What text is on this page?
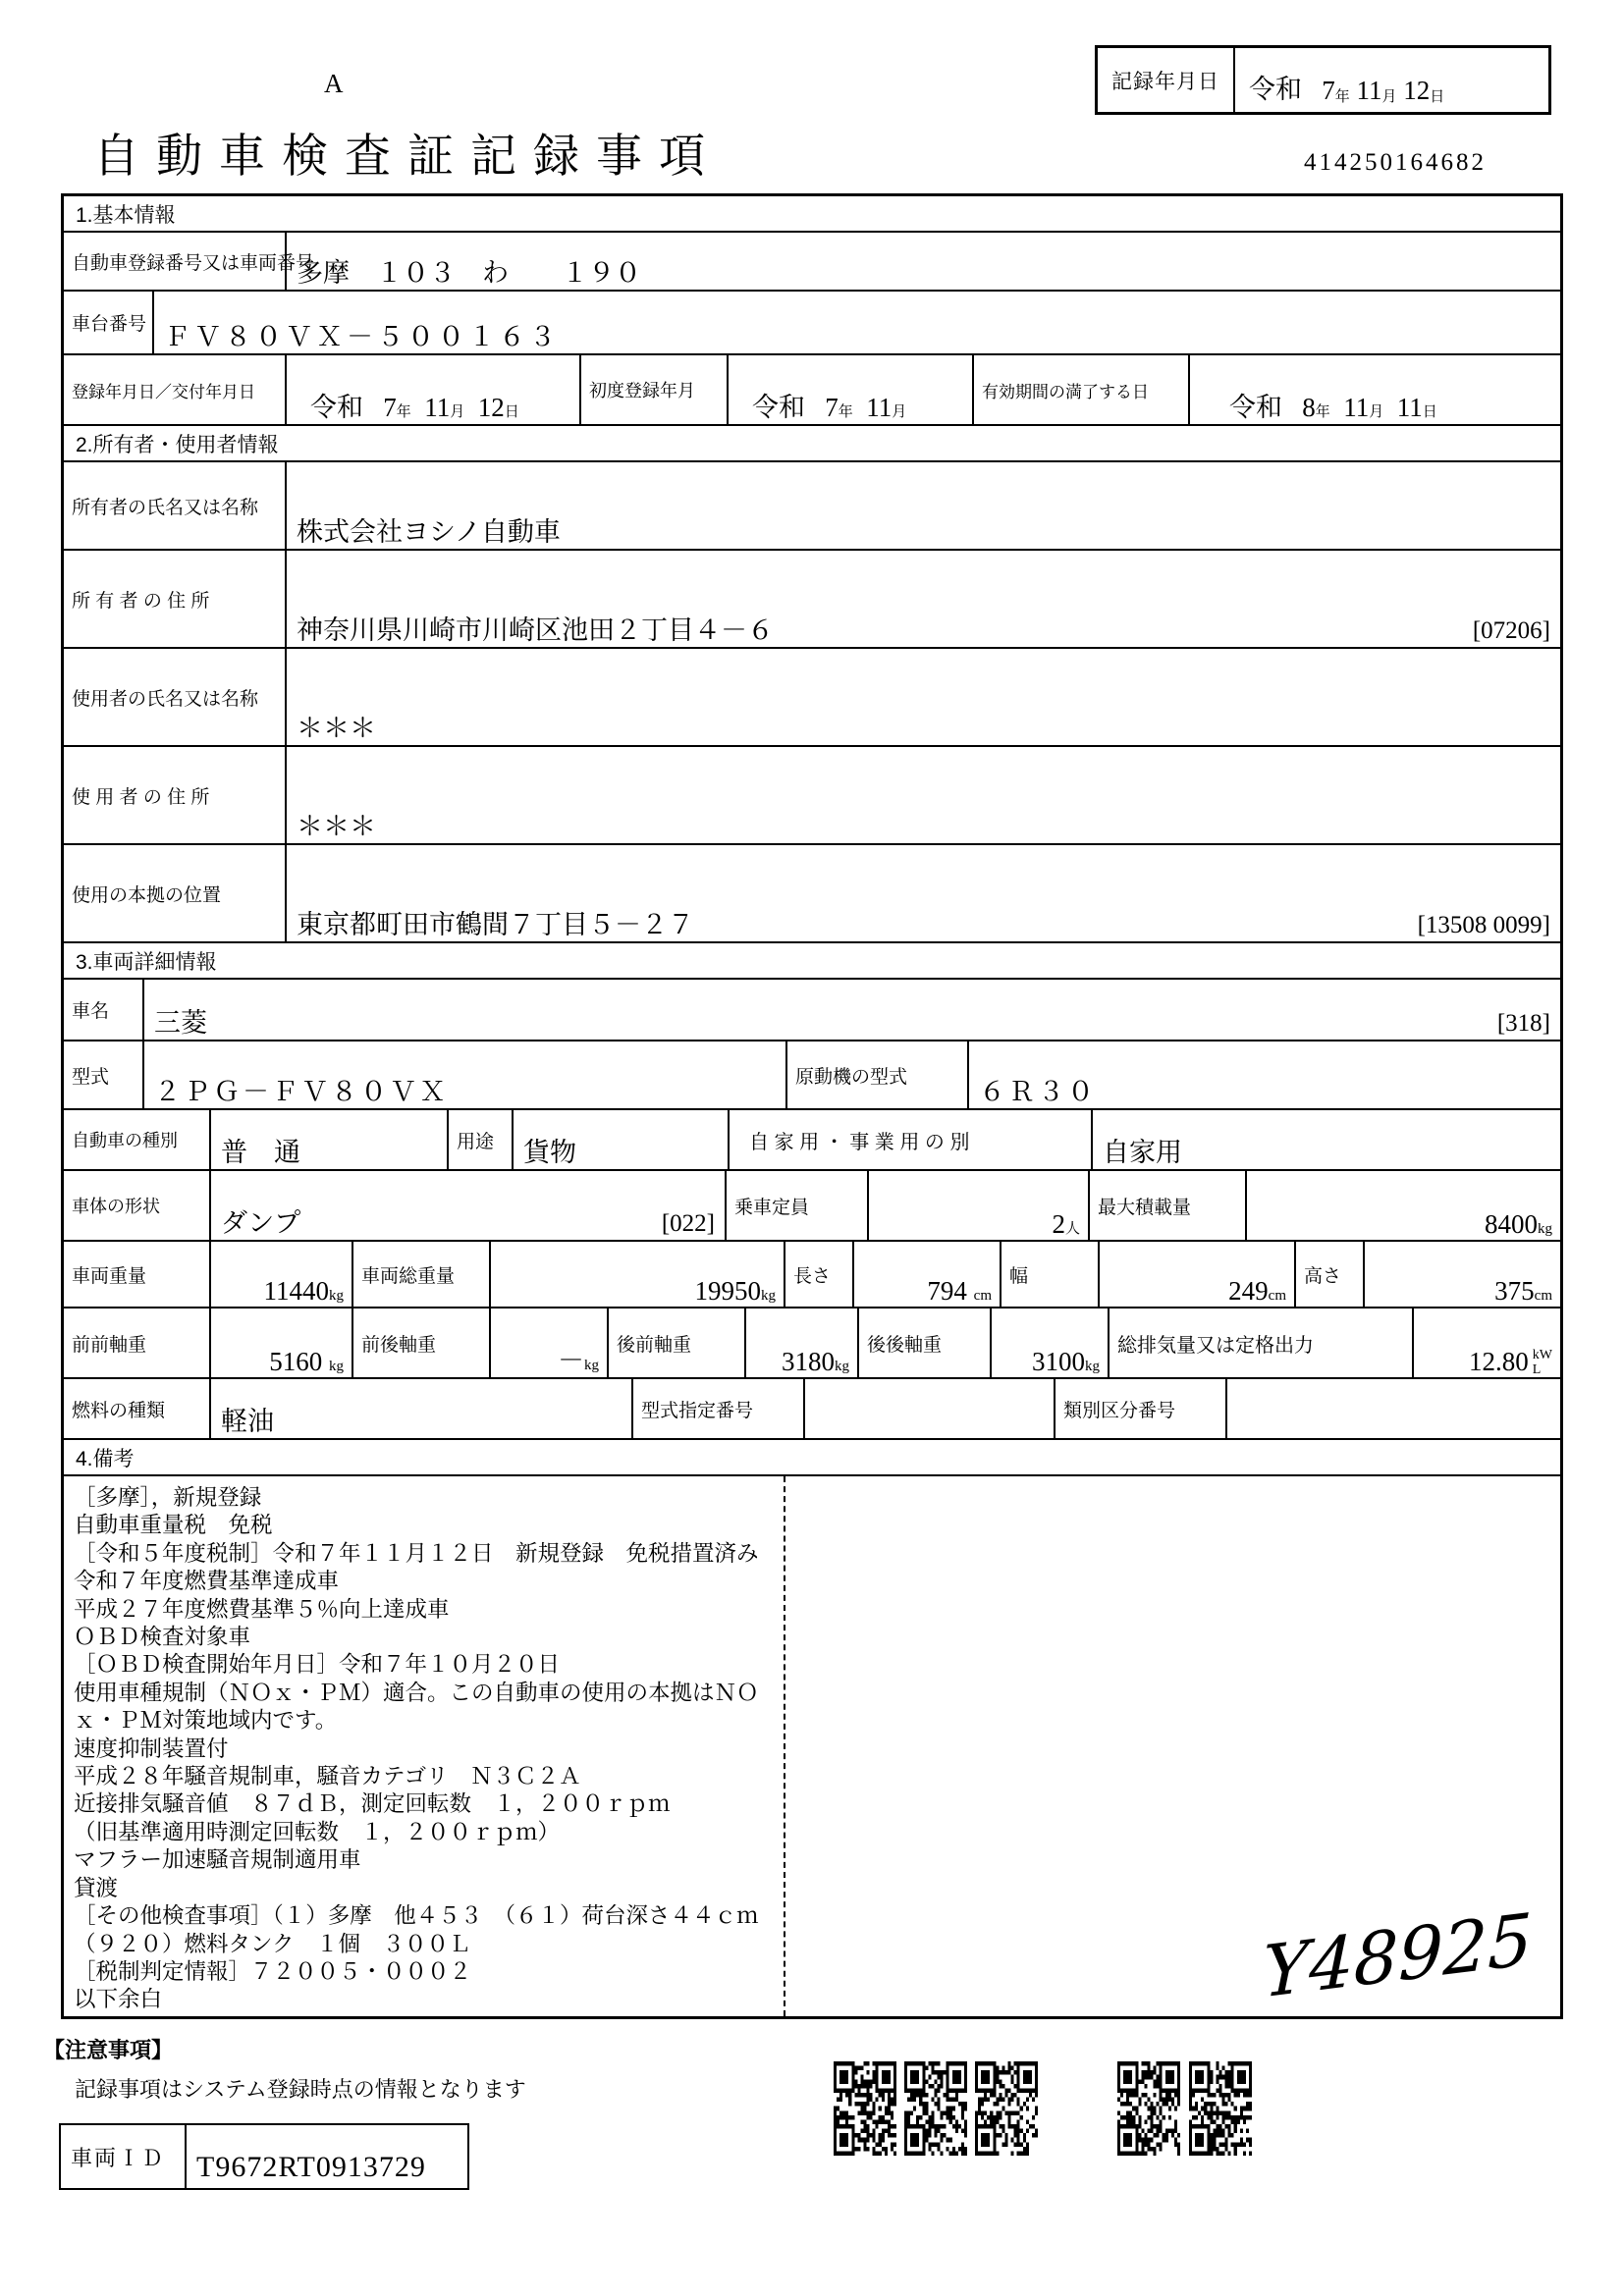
記録年月日	令和
7 年
11 月
12 日
A
自動車検査証記録事項	414250164682
1.基本情報
自動車登録番号又は車両番号
多摩　１０３　わ　　１９０
車台番号 ＦＶ８０ＶＸ－５００１６３
登録年月日／交付年月日
令和 7年 11月 12日
初度登録年月
令和 7年 11月
有効期間の満了する日
令和 8年 11月 11日
2.所有者・使用者情報
所有者の氏名又は名称
株式会社ヨシノ自動車
所 有 者 の 住 所
神奈川県川崎市川崎区池田２丁目４－６	[07206]
使用者の氏名又は名称
＊＊＊
使 用 者 の 住 所
＊＊＊
使用の本拠の位置
東京都町田市鶴間７丁目５－２７	[13508 0099]
3.車両詳細情報
車名	三菱	[318]
型式	２ＰＧ－ＦＶ８０ＶＸ	原動機の型式	６Ｒ３０
自動車の種別	普　通	用途	貨物	自 家 用 ・ 事 業 用 の 別	自家用
車体の形状
ダンプ	[022]
乗車定員
2人
最大積載量
8400kg
車両重量	11440kg
車両総重量	19950kg
長さ	794 cm
幅	249cm
高さ	375cm
前前軸重
5160 kg
前後軸重
－kg
後前軸重
3180kg
後後軸重
3100kg
総排気量又は定格出力
12.80 kW
L
燃料の種類	軽油	型式指定番号	類別区分番号
4.備考
［多摩］，新規登録
自動車重量税　免税
［令和５年度税制］令和７年１１月１２日　新規登録　免税措置済み
令和７年度燃費基準達成車
平成２７年度燃費基準５％向上達成車
ＯＢＤ検査対象車
［ＯＢＤ検査開始年月日］令和７年１０月２０日
使用車種規制（ＮＯｘ・ＰＭ）適合。この自動車の使用の本拠はＮＯｘ・ＰＭ対策地域内です。
速度抑制装置付
平成２８年騒音規制車，騒音カテゴリ　Ｎ３Ｃ２Ａ
近接排気騒音値　８７ｄＢ，測定回転数　１，２００ｒｐｍ
（旧基準適用時測定回転数　１，２００ｒｐｍ）
マフラー加速騒音規制適用車
貸渡
［その他検査事項］（１）多摩　他４５３　（６１）荷台深さ４４ｃｍ　（９２０）燃料タンク　１個　３００Ｌ
［税制判定情報］７２００５・０００２
以下余白	Y48925
【注意事項】
記録事項はシステム登録時点の情報となります
車両ＩＤ	T9672RT0913729
